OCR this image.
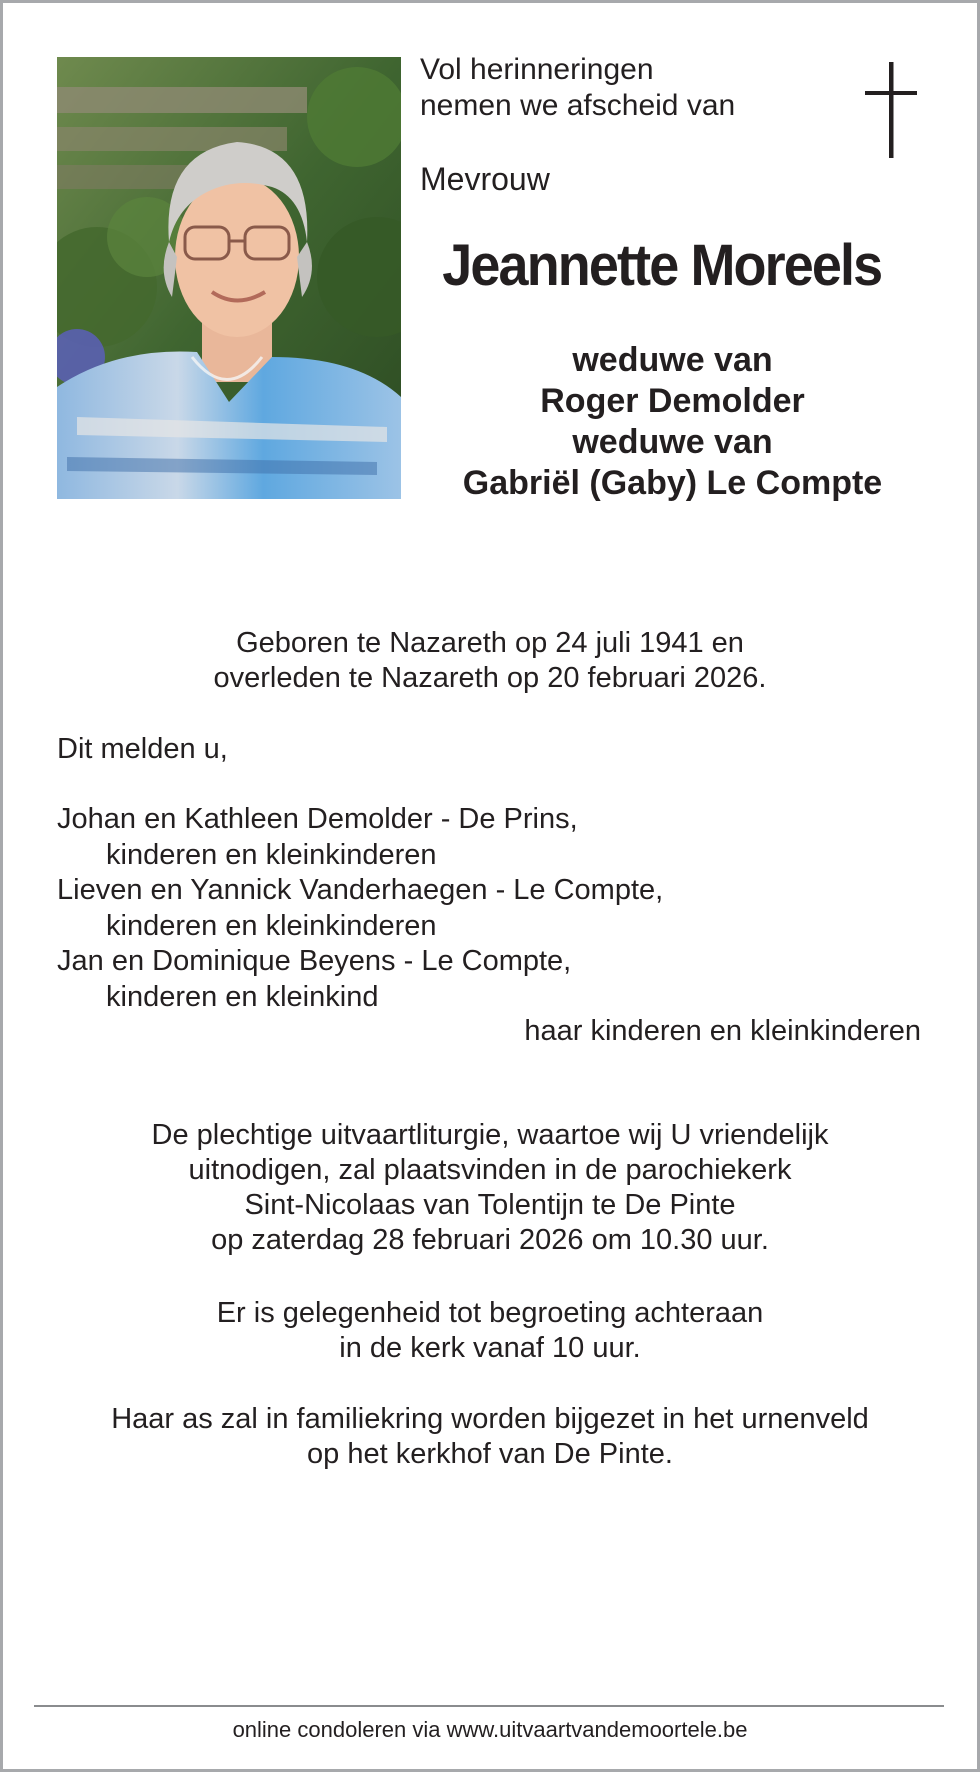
Vol herinneringen
nemen we afscheid van
Mevrouw
Jeannette Moreels
weduwe van
Roger Demolder
weduwe van
Gabriël (Gaby) Le Compte
Geboren te Nazareth op 24 juli 1941 en
overleden te Nazareth op 20 februari 2026.
Dit melden u,
Johan en Kathleen Demolder - De Prins,
kinderen en kleinkinderen
Lieven en Yannick Vanderhaegen - Le Compte,
kinderen en kleinkinderen
Jan en Dominique Beyens - Le Compte,
kinderen en kleinkind
haar kinderen en kleinkinderen
De plechtige uitvaartliturgie, waartoe wij U vriendelijk
uitnodigen, zal plaatsvinden in de parochiekerk
Sint-Nicolaas van Tolentijn te De Pinte
op zaterdag 28 februari 2026 om 10.30 uur.
Er is gelegenheid tot begroeting achteraan
in de kerk vanaf 10 uur.
Haar as zal in familiekring worden bijgezet in het urnenveld
op het kerkhof van De Pinte.
online condoleren via www.uitvaartvandemoortele.be
